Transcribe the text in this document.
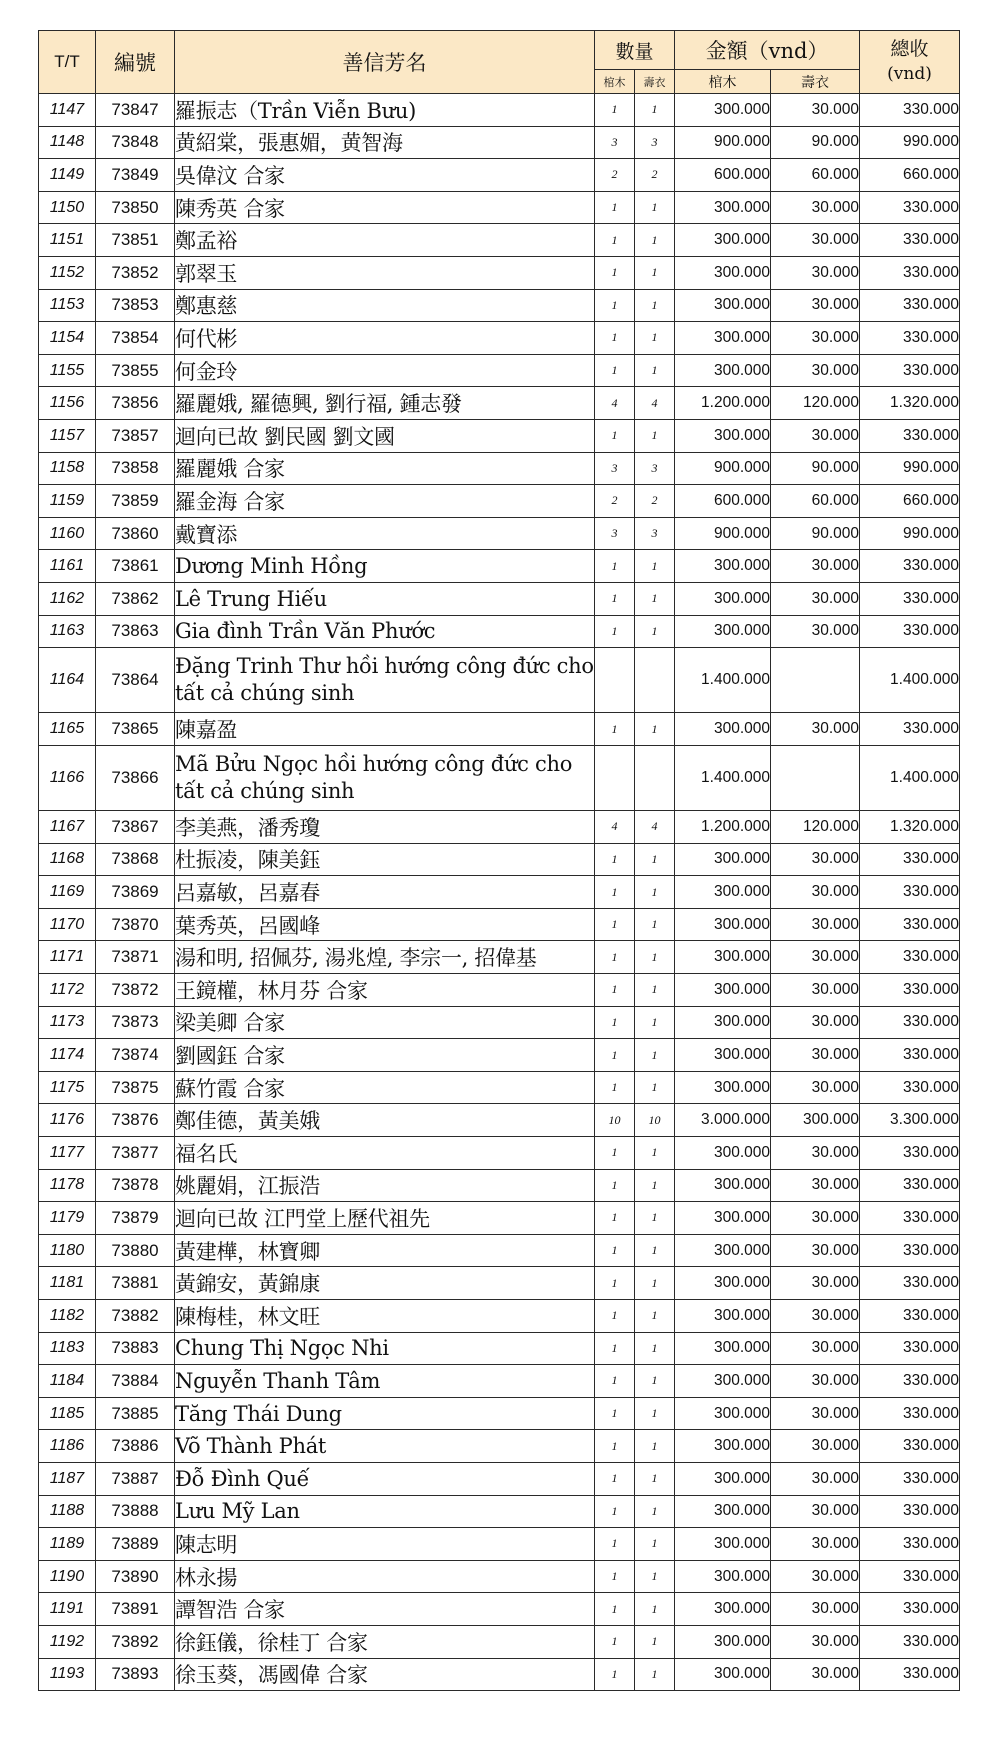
T/T	編號	善信芳名	數量		金額（vnd）		總收
(vnd)

			棺木	壽衣	棺木	壽衣	
1147	73847	羅振志（Trần Viễn Bưu)	1	1	300.000	30.000	330.000
1148	73848	黄紹棠，張惠媚，黄智海	3	3	900.000	90.000	990.000
1149	73849	吳偉汶 合家	2	2	600.000	60.000	660.000
1150	73850	陳秀英 合家	1	1	300.000	30.000	330.000
1151	73851	鄭孟裕	1	1	300.000	30.000	330.000
1152	73852	郭翠玉	1	1	300.000	30.000	330.000
1153	73853	鄭惠慈	1	1	300.000	30.000	330.000
1154	73854	何代彬	1	1	300.000	30.000	330.000
1155	73855	何金玲	1	1	300.000	30.000	330.000
1156	73856	羅麗娥, 羅德興, 劉行福, 鍾志發	4	4	1.200.000	120.000	1.320.000
1157	73857	迴向已故 劉民國 劉文國	1	1	300.000	30.000	330.000
1158	73858	羅麗娥 合家	3	3	900.000	90.000	990.000
1159	73859	羅金海 合家	2	2	600.000	60.000	660.000
1160	73860	戴寶添	3	3	900.000	90.000	990.000
1161	73861	Dương Minh Hồng	1	1	300.000	30.000	330.000
1162	73862	Lê Trung Hiếu	1	1	300.000	30.000	330.000
1163	73863	Gia đình Trần Văn Phước	1	1	300.000	30.000	330.000
1164	73864	Đặng Trinh Thư hồi hướng công đức cho tất cả chúng sinh			1.400.000		1.400.000
1165	73865	陳嘉盈	1	1	300.000	30.000	330.000
1166	73866	Mã Bửu Ngọc hồi hướng công đức cho tất cả chúng sinh			1.400.000		1.400.000
1167	73867	李美燕，潘秀瓊	4	4	1.200.000	120.000	1.320.000
1168	73868	杜振凌，陳美鈺	1	1	300.000	30.000	330.000
1169	73869	呂嘉敏，呂嘉春	1	1	300.000	30.000	330.000
1170	73870	葉秀英，呂國峰	1	1	300.000	30.000	330.000
1171	73871	湯和明, 招佩芬, 湯兆煌, 李宗一, 招偉基	1	1	300.000	30.000	330.000
1172	73872	王鏡權，林月芬 合家	1	1	300.000	30.000	330.000
1173	73873	梁美卿 合家	1	1	300.000	30.000	330.000
1174	73874	劉國鈺 合家	1	1	300.000	30.000	330.000
1175	73875	蘇竹霞 合家	1	1	300.000	30.000	330.000
1176	73876	鄭佳德，黃美娥	10	10	3.000.000	300.000	3.300.000
1177	73877	福名氏	1	1	300.000	30.000	330.000
1178	73878	姚麗娟，江振浩	1	1	300.000	30.000	330.000
1179	73879	迴向已故 江門堂上歷代祖先	1	1	300.000	30.000	330.000
1180	73880	黃建樺，林寶卿	1	1	300.000	30.000	330.000
1181	73881	黃錦安，黃錦康	1	1	300.000	30.000	330.000
1182	73882	陳梅桂，林文旺	1	1	300.000	30.000	330.000
1183	73883	Chung Thị Ngọc Nhi	1	1	300.000	30.000	330.000
1184	73884	Nguyễn Thanh Tâm	1	1	300.000	30.000	330.000
1185	73885	Tăng Thái Dung	1	1	300.000	30.000	330.000
1186	73886	Võ Thành Phát	1	1	300.000	30.000	330.000
1187	73887	Đỗ Đình Quế	1	1	300.000	30.000	330.000
1188	73888	Lưu Mỹ Lan	1	1	300.000	30.000	330.000
1189	73889	陳志明	1	1	300.000	30.000	330.000
1190	73890	林永揚	1	1	300.000	30.000	330.000
1191	73891	譚智浩 合家	1	1	300.000	30.000	330.000
1192	73892	徐鈺儀，徐桂丁 合家	1	1	300.000	30.000	330.000
1193	73893	徐玉葵，馮國偉 合家	1	1	300.000	30.000	330.000
